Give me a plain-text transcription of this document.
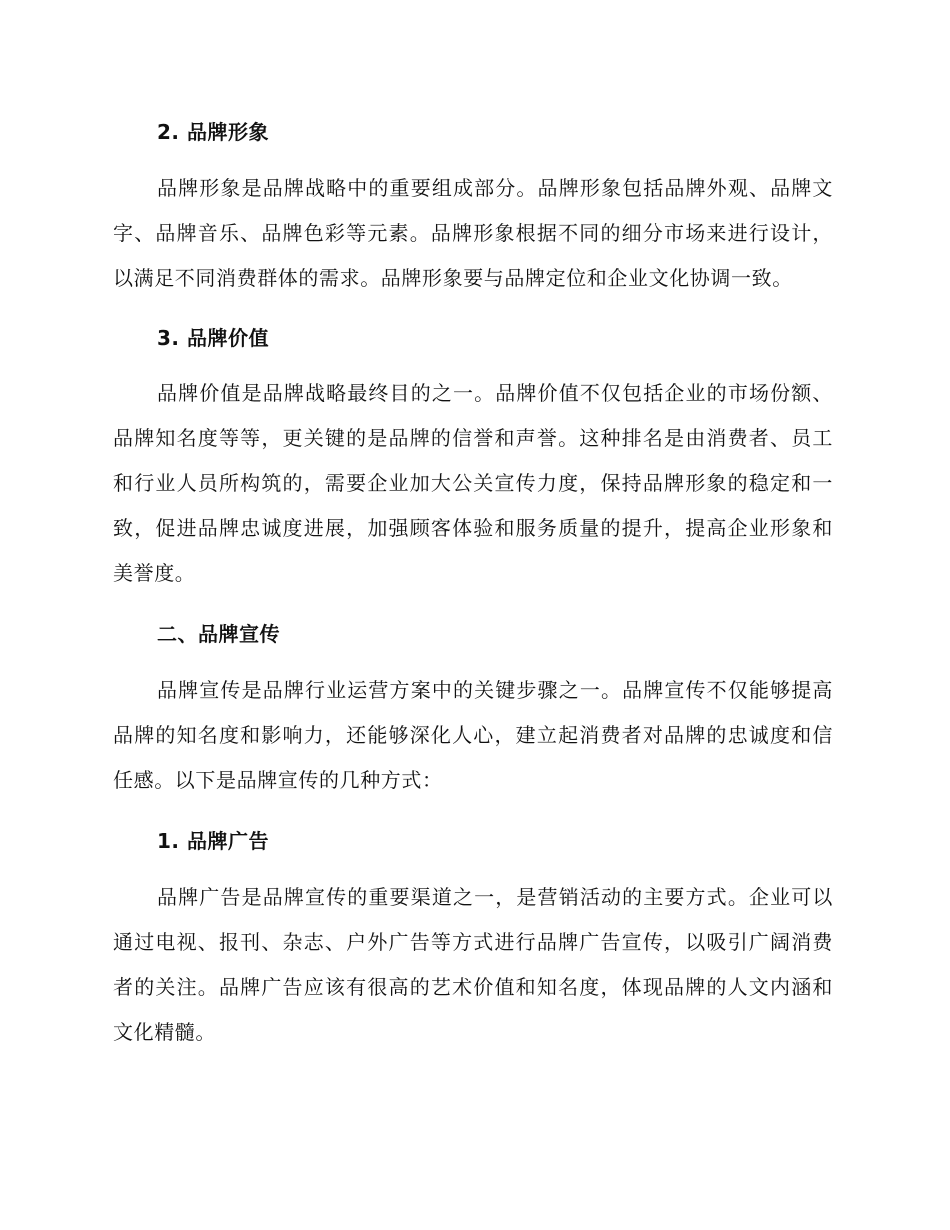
2. 品牌形象

品牌形象是品牌战略中的重要组成部分。品牌形象包括品牌外观、品牌文字、品牌音乐、品牌色彩等元素。品牌形象根据不同的细分市场来进行设计，以满足不同消费群体的需求。品牌形象要与品牌定位和企业文化协调一致。

3. 品牌价值

品牌价值是品牌战略最终目的之一。品牌价值不仅包括企业的市场份额、品牌知名度等等，更关键的是品牌的信誉和声誉。这种排名是由消费者、员工和行业人员所构筑的，需要企业加大公关宣传力度，保持品牌形象的稳定和一致，促进品牌忠诚度进展，加强顾客体验和服务质量的提升，提高企业形象和美誉度。

二、品牌宣传

品牌宣传是品牌行业运营方案中的关键步骤之一。品牌宣传不仅能够提高品牌的知名度和影响力，还能够深化人心，建立起消费者对品牌的忠诚度和信任感。以下是品牌宣传的几种方式：

1. 品牌广告

品牌广告是品牌宣传的重要渠道之一，是营销活动的主要方式。企业可以通过电视、报刊、杂志、户外广告等方式进行品牌广告宣传，以吸引广阔消费者的关注。品牌广告应该有很高的艺术价值和知名度，体现品牌的人文内涵和文化精髓。
